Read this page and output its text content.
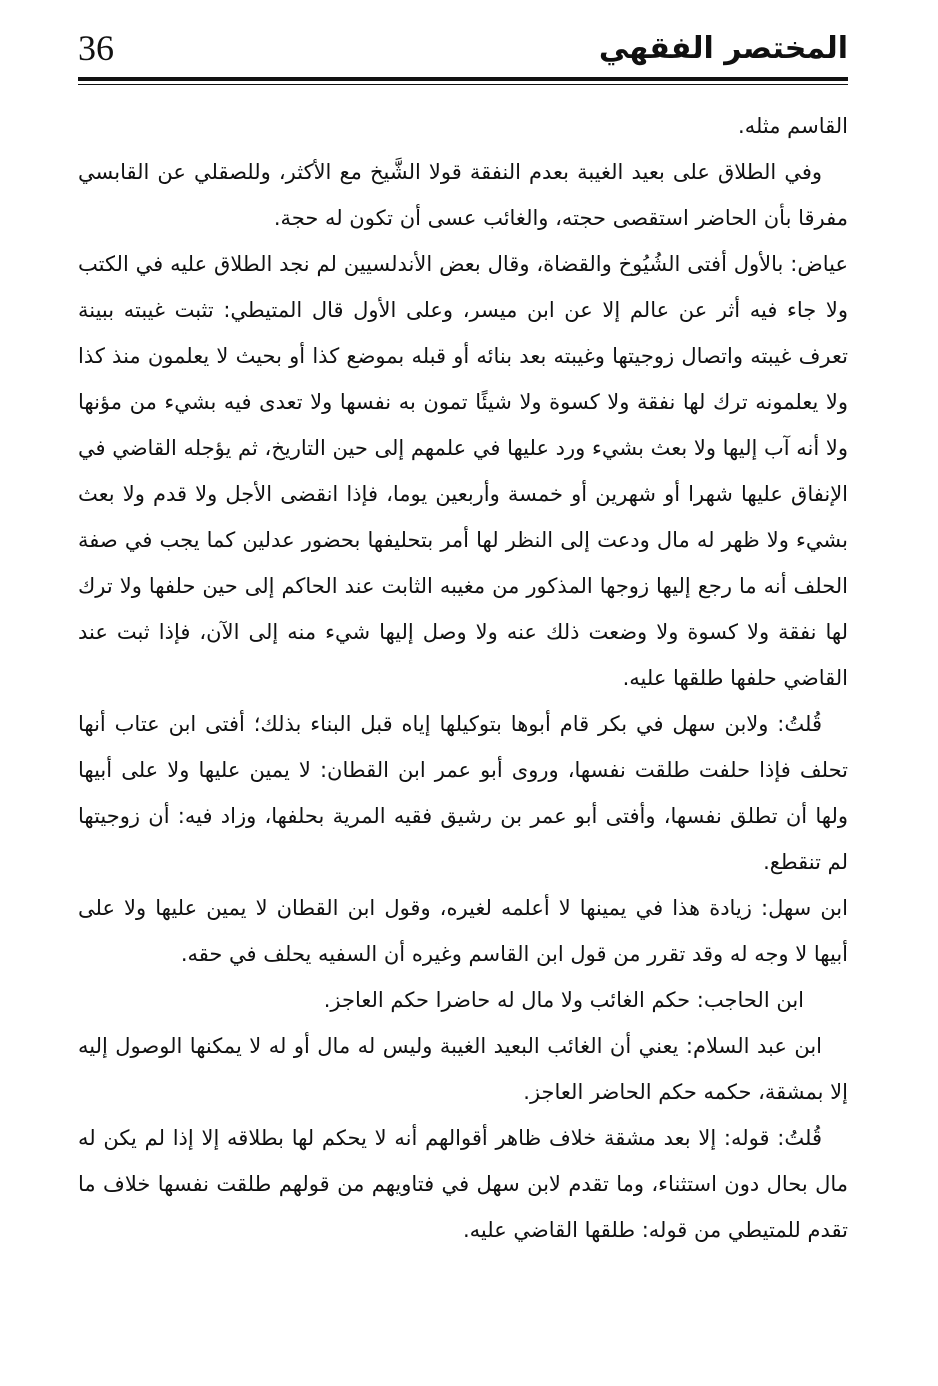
36	المختصر الفقهي

القاسم مثله.

وفي الطلاق على بعيد الغيبة بعدم النفقة قولا الشَّيخ مع الأكثر، وللصقلي عن القابسي مفرقا بأن الحاضر استقصى حجته، والغائب عسى أن تكون له حجة.

عياض: بالأول أفتى الشُيُوخ والقضاة، وقال بعض الأندلسيين لم نجد الطلاق عليه في الكتب ولا جاء فيه أثر عن عالم إلا عن ابن ميسر، وعلى الأول قال المتيطي: تثبت غيبته ببينة تعرف غيبته واتصال زوجيتها وغيبته بعد بنائه أو قبله بموضع كذا أو بحيث لا يعلمون منذ كذا ولا يعلمونه ترك لها نفقة ولا كسوة ولا شيئًا تمون به نفسها ولا تعدى فيه بشيء من مؤنها ولا أنه آب إليها ولا بعث بشيء ورد عليها في علمهم إلى حين التاريخ، ثم يؤجله القاضي في الإنفاق عليها شهرا أو شهرين أو خمسة وأربعين يوما، فإذا انقضى الأجل ولا قدم ولا بعث بشيء ولا ظهر له مال ودعت إلى النظر لها أمر بتحليفها بحضور عدلين كما يجب في صفة الحلف أنه ما رجع إليها زوجها المذكور من مغيبه الثابت عند الحاكم إلى حين حلفها ولا ترك لها نفقة ولا كسوة ولا وضعت ذلك عنه ولا وصل إليها شيء منه إلى الآن، فإذا ثبت عند القاضي حلفها طلقها عليه.

قُلتُ: ولابن سهل في بكر قام أبوها بتوكيلها إياه قبل البناء بذلك؛ أفتى ابن عتاب أنها تحلف فإذا حلفت طلقت نفسها، وروى أبو عمر ابن القطان: لا يمين عليها ولا على أبيها ولها أن تطلق نفسها، وأفتى أبو عمر بن رشيق فقيه المرية بحلفها، وزاد فيه: أن زوجيتها لم تنقطع.

ابن سهل: زيادة هذا في يمينها لا أعلمه لغيره، وقول ابن القطان لا يمين عليها ولا على أبيها لا وجه له وقد تقرر من قول ابن القاسم وغيره أن السفيه يحلف في حقه.

ابن الحاجب: حكم الغائب ولا مال له حاضرا حكم العاجز.

ابن عبد السلام: يعني أن الغائب البعيد الغيبة وليس له مال أو له لا يمكنها الوصول إليه إلا بمشقة، حكمه حكم الحاضر العاجز.

قُلتُ: قوله: إلا بعد مشقة خلاف ظاهر أقوالهم أنه لا يحكم لها بطلاقه إلا إذا لم يكن له مال بحال دون استثناء، وما تقدم لابن سهل في فتاويهم من قولهم طلقت نفسها خلاف ما تقدم للمتيطي من قوله: طلقها القاضي عليه.
